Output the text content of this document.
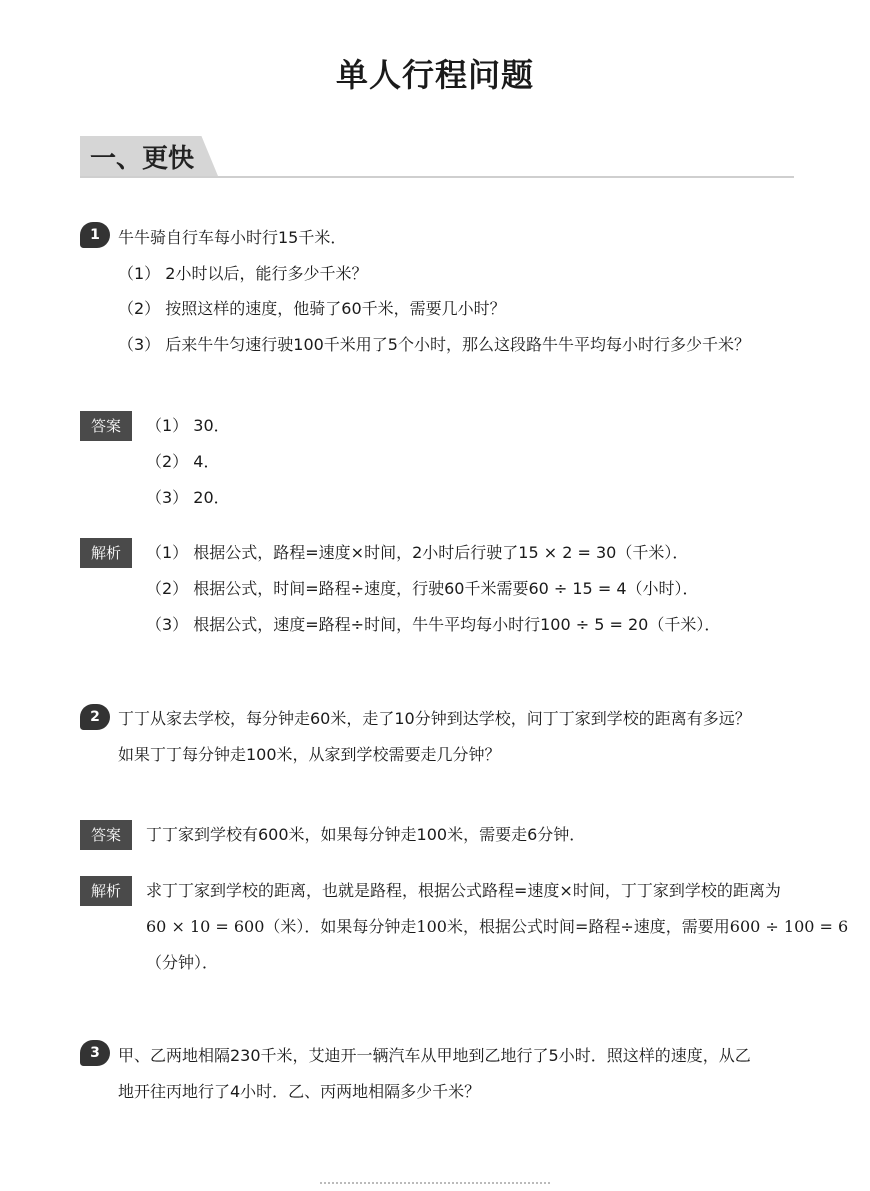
单人行程问题
一、更快
1	牛牛骑自行车每小时行15千米．
（1） 2小时以后，能行多少千米？
（2） 按照这样的速度，他骑了60千米，需要几小时？
（3） 后来牛牛匀速行驶100千米用了5个小时，那么这段路牛牛平均每小时行多少千米？
答案	（1） 30．
（2） 4．
（3） 20．
解析	（1） 根据公式，路程=速度×时间，2小时后行驶了15 × 2 = 30（千米）．
（2） 根据公式，时间=路程÷速度，行驶60千米需要60 ÷ 15 = 4（小时）．
（3） 根据公式，速度=路程÷时间，牛牛平均每小时行100 ÷ 5 = 20（千米）．
2	丁丁从家去学校，每分钟走60米，走了10分钟到达学校，问丁丁家到学校的距离有多远？
如果丁丁每分钟走100米，从家到学校需要走几分钟？
答案	丁丁家到学校有600米，如果每分钟走100米，需要走6分钟．
解析	求丁丁家到学校的距离，也就是路程，根据公式路程=速度×时间，丁丁家到学校的距离为
60 × 10 = 600（米）．如果每分钟走100米，根据公式时间=路程÷速度，需要用600 ÷ 100 = 6
（分钟）．
3	甲、乙两地相隔230千米，艾迪开一辆汽车从甲地到乙地行了5小时．照这样的速度，从乙
地开往丙地行了4小时．乙、丙两地相隔多少千米？
